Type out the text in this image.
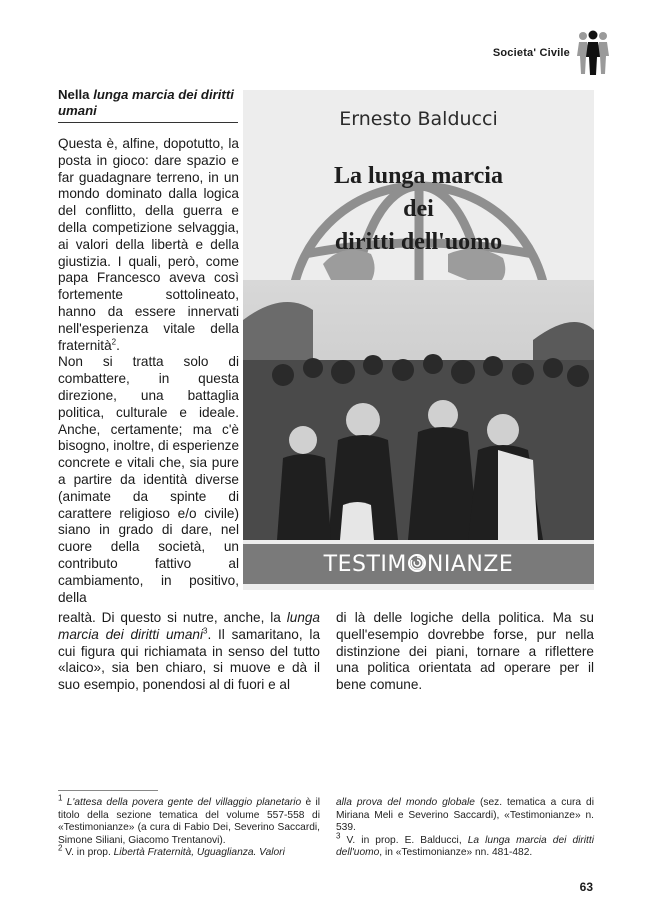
Societa' Civile
Nella lunga marcia dei diritti umani

Questa è, alfine, dopotutto, la posta in gioco: dare spazio e far guadagnare terreno, in un mondo dominato dalla logica del conflitto, della guerra e della competizione selvaggia, ai valori della libertà e della giustizia. I quali, però, come papa Francesco aveva così fortemente sottolineato, hanno da essere innervati nell'esperienza vitale della fraternità$^2$.

Non si tratta solo di combattere, in questa direzione, una battaglia politica, culturale e ideale. Anche, certamente; ma c'è bisogno, inoltre, di esperienze concrete e vitali che, sia pure a partire da identità diverse (animate da spinte di carattere religioso e/o civile) siano in grado di dare, nel cuore della società, un contributo fattivo al cambiamento, in positivo, della

Ernesto Balducci
La lunga marcia
dei
diritti dell'uomo
TESTIM NIANZE

realtà. Di questo si nutre, anche, la lunga marcia dei diritti umani$^3$. Il samaritano, la cui figura qui richiamata in senso del tutto «laico», sia ben chiaro, si muove e dà il suo esempio, ponendosi al di fuori e al

di là delle logiche della politica. Ma su quell'esempio dovrebbe forse, pur nella distinzione dei piani, tornare a riflettere una politica orientata ad operare per il bene comune.

$^1$ L'attesa della povera gente del villaggio planetario è il titolo della sezione tematica del volume 557-558 di «Testimonianze» (a cura di Fabio Dei, Severino Saccardi, Simone Siliani, Giacomo Trentanovi).

$^2$ V. in prop. Libertà Fraternità, Uguaglianza. Valori

alla prova del mondo globale (sez. tematica a cura di Miriana Meli e Severino Saccardi), «Testimonianze» n. 539.

$^3$ V. in prop. E. Balducci, La lunga marcia dei diritti dell'uomo, in «Testimonianze» nn. 481-482.

63
